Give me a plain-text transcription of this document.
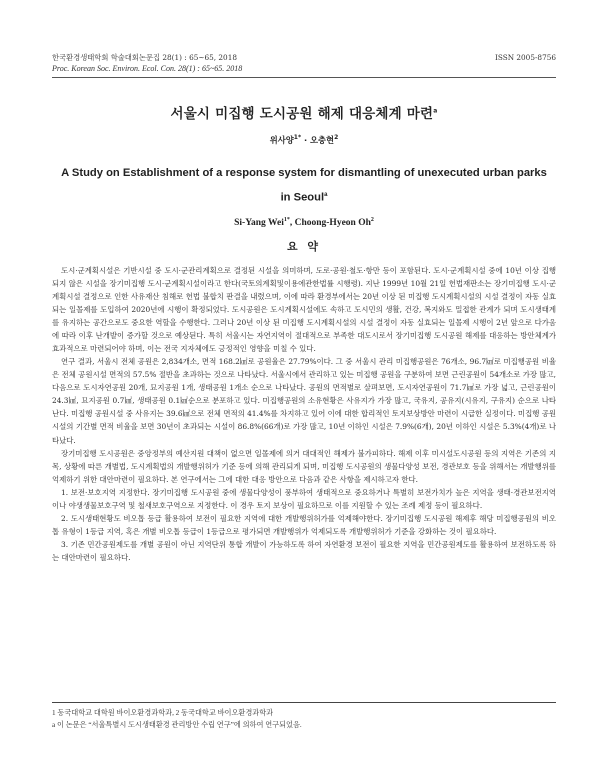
한국환경생태학회 학술대회논문집 28(1) : 65~65, 2018	ISSN 2005-8756
Proc. Korean Soc. Environ. Ecol. Con. 28(1) : 65~65. 2018
서울시 미집행 도시공원 해제 대응체계 마련$^a$
위사양$^{1*}$ · 오충현$^2$
A Study on Establishment of a response system for dismantling of unexecuted urban parks
in Seoul$^a$
Si-Yang Wei$^{1*}$, Choong-Hyeon Oh$^2$
요 약

도시·군계획시설은 기반시설 중 도시·군관리계획으로 결정된 시설을 의미하며, 도로·공원·철도·항만 등이 포함된다. 도시·군계획시설 중에 10년 이상 집행되지 않은 시설을 장기미집행 도시·군계획시설이라고 한다(국토의계획및이용에관한법률 시행령). 지난 1999년 10월 21일 헌법재판소는 장기미집행 도시·군계획시설 결정으로 인한 사유재산 침해로 헌법 불합치 판결을 내렸으며, 이에 따라 환경부에서는 20년 이상 된 미집행 도시계획시설의 시설 결정이 자동 실효되는 일몰제를 도입하여 2020년에 시행이 확정되었다. 도시공원은 도시계획시설에도 속하고 도시민의 생활, 건강, 복지와도 밀접한 관계가 되며 도시생태계를 유지하는 공간으로도 중요한 역할을 수행한다. 그러나 20년 이상 된 미집행 도시계획시설의 시설 결정이 자동 실효되는 일몰제 시행이 2년 앞으로 다가옴에 따라 이후 난개발이 증가할 것으로 예상된다. 특히 서울시는 자연지역이 절대적으로 부족한 대도시로서 장기미집행 도시공원 해제를 대응하는 방안체계가 효과적으로 마련되어야 하며, 이는 전국 지자체에도 긍정적인 영향을 미칠 수 있다.

연구 결과, 서울시 전체 공원은 2,834개소, 면적 168.2㎢로 공원율은 27.79%이다. 그 중 서울시 관리 미집행공원은 76개소, 96.7㎢로 미집행공원 비율은 전체 공원시설 면적의 57.5% 절반을 초과하는 것으로 나타났다. 서울시에서 관리하고 있는 미집행 공원을 구분하여 보면 근린공원이 54개소로 가장 많고, 다음으로 도시자연공원 20개, 묘지공원 1개, 생태공원 1개소 순으로 나타났다. 공원의 면적별로 살펴보면, 도시자연공원이 71.7㎢로 가장 넓고, 근린공원이 24.3㎢, 묘지공원 0.7㎢, 생태공원 0.1㎢순으로 분포하고 있다. 미집행공원의 소유현황은 사유지가 가장 많고, 국유지, 공유지(시유지, 구유지) 순으로 나타난다. 미집행 공원시설 중 사유지는 39.6㎢으로 전체 면적의 41.4%를 차지하고 있어 이에 대한 합리적인 토지보상방안 마련이 시급한 실정이다. 미집행 공원시설의 기간별 면적 비율을 보면 30년이 초과되는 시설이 86.8%(66개)로 가장 많고, 10년 이하인 시설은 7.9%(6개), 20년 이하인 시설은 5.3%(4개)로 나타났다.

장기미집행 도시공원은 중앙정부의 예산지원 대책이 없으면 일몰제에 의거 대대적인 해제가 불가피하다. 해제 이후 미시설도시공원 등의 지역은 기존의 지목, 상황에 따른 개별법, 도시계획법의 개발행위허가 기준 등에 의해 관리되게 되며, 미집행 도시공원의 생물다양성 보전, 경관보호 등을 위해서는 개발행위를 억제하기 위한 대안마련이 필요하다. 본 연구에서는 그에 대한 대응 방안으로 다음과 같은 사항을 제시하고자 한다.

1. 보전·보호지역 지정한다. 장기미집행 도시공원 중에 생물다양성이 풍부하여 생태적으로 중요하거나 특별히 보전가치가 높은 지역을 생태·경관보전지역이나 야생생물보호구역 및 철새보호구역으로 지정한다. 이 경우 토지 보상이 필요하므로 이를 지원할 수 있는 조례 제정 등이 필요하다.

2. 도시생태현황도 비오톱 등급 활용하여 보전이 필요한 지역에 대한 개발행위허가를 억제해야한다. 장기미집행 도시공원 해제후 해당 미집행공원의 비오톱 유형이 1등급 지역, 혹은 개별 비오톱 등급이 1등급으로 평가되면 개발행위가 억제되도록 개발행위허가 기준을 강화하는 것이 필요하다.

3. 기존 민간공원제도를 개별 공원이 아닌 지역단위 통합 개발이 가능하도록 하여 자연환경 보전이 필요한 지역을 민간공원제도를 활용하여 보전하도록 하는 대안마련이 필요하다.

1 동국대학교 대학원 바이오환경과학과, 2 동국대학교 바이오환경과학과
a 이 논문은 “서울특별시 도시생태환경 관리방안 수립 연구”에 의하여 연구되었음.
